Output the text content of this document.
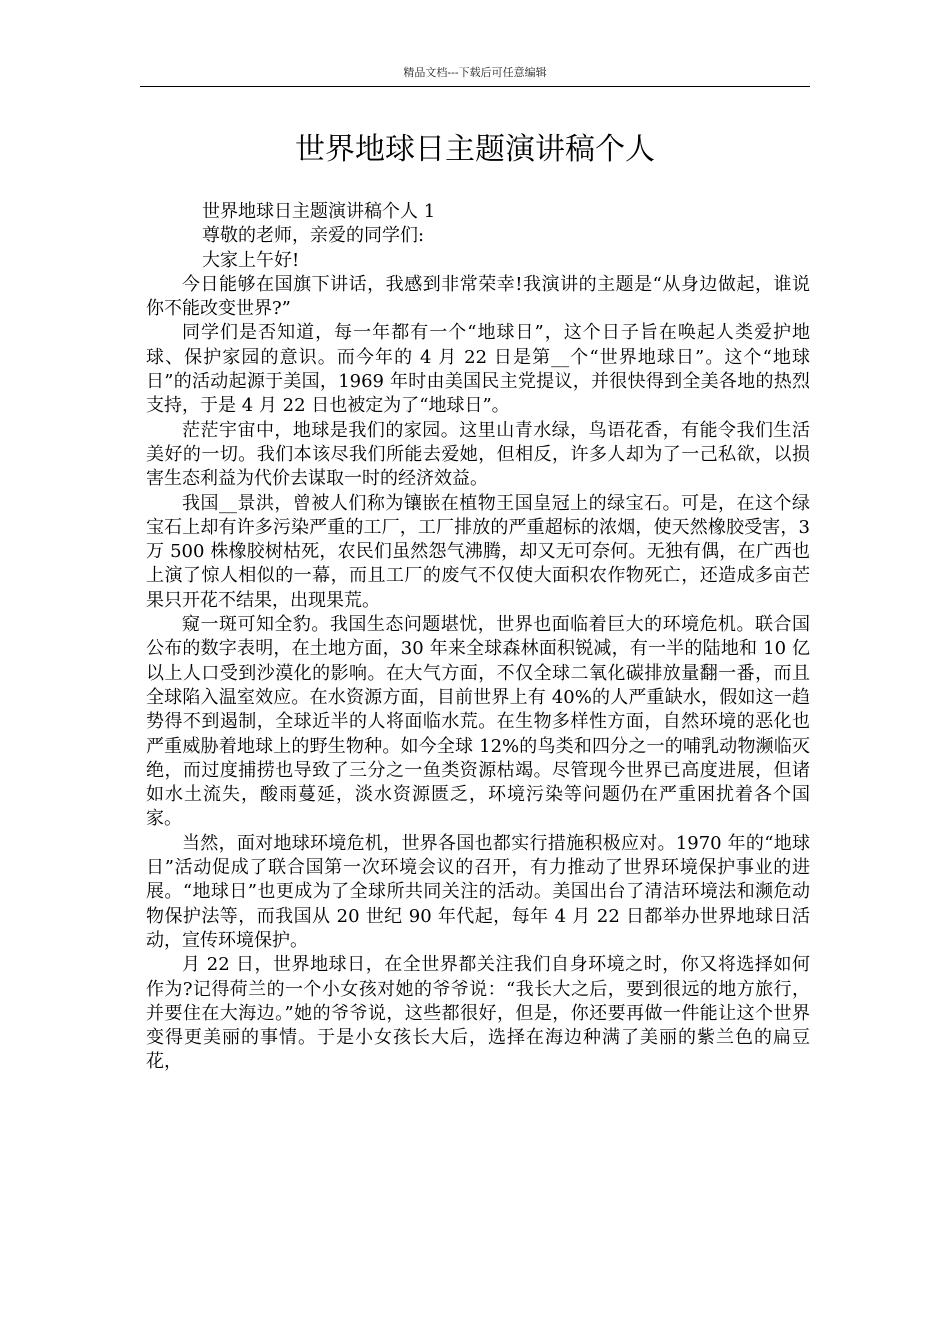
精品文档---下载后可任意编辑
世界地球日主题演讲稿个人

世界地球日主题演讲稿个人 1

尊敬的老师，亲爱的同学们:

大家上午好!

今日能够在国旗下讲话，我感到非常荣幸!我演讲的主题是“从身边做起，谁说你不能改变世界?”

同学们是否知道，每一年都有一个“地球日”，这个日子旨在唤起人类爱护地球、保护家园的意识。而今年的 4 月 22 日是第__个“世界地球日”。这个“地球日”的活动起源于美国，1969 年时由美国民主党提议，并很快得到全美各地的热烈支持，于是 4 月 22 日也被定为了“地球日”。

茫茫宇宙中，地球是我们的家园。这里山青水绿，鸟语花香，有能令我们生活美好的一切。我们本该尽我们所能去爱她，但相反，许多人却为了一己私欲，以损害生态利益为代价去谋取一时的经济效益。

我国__景洪，曾被人们称为镶嵌在植物王国皇冠上的绿宝石。可是，在这个绿宝石上却有许多污染严重的工厂，工厂排放的严重超标的浓烟，使天然橡胶受害，3 万 500 株橡胶树枯死，农民们虽然怨气沸腾，却又无可奈何。无独有偶，在广西也上演了惊人相似的一幕，而且工厂的废气不仅使大面积农作物死亡，还造成多亩芒果只开花不结果，出现果荒。

窥一斑可知全豹。我国生态问题堪忧，世界也面临着巨大的环境危机。联合国公布的数字表明，在土地方面，30 年来全球森林面积锐减，有一半的陆地和 10 亿以上人口受到沙漠化的影响。在大气方面，不仅全球二氧化碳排放量翻一番，而且全球陷入温室效应。在水资源方面，目前世界上有 40%的人严重缺水，假如这一趋势得不到遏制，全球近半的人将面临水荒。在生物多样性方面，自然环境的恶化也严重威胁着地球上的野生物种。如今全球 12%的鸟类和四分之一的哺乳动物濒临灭绝，而过度捕捞也导致了三分之一鱼类资源枯竭。尽管现今世界已高度进展，但诸如水土流失，酸雨蔓延，淡水资源匮乏，环境污染等问题仍在严重困扰着各个国家。

当然，面对地球环境危机，世界各国也都实行措施积极应对。1970 年的“地球日”活动促成了联合国第一次环境会议的召开，有力推动了世界环境保护事业的进展。“地球日”也更成为了全球所共同关注的活动。美国出台了清洁环境法和濒危动物保护法等，而我国从 20 世纪 90 年代起，每年 4 月 22 日都举办世界地球日活动，宣传环境保护。

月 22 日，世界地球日，在全世界都关注我们自身环境之时，你又将选择如何作为?记得荷兰的一个小女孩对她的爷爷说：“我长大之后，要到很远的地方旅行，并要住在大海边。”她的爷爷说，这些都很好，但是，你还要再做一件能让这个世界变得更美丽的事情。于是小女孩长大后，选择在海边种满了美丽的紫兰色的扁豆花，
